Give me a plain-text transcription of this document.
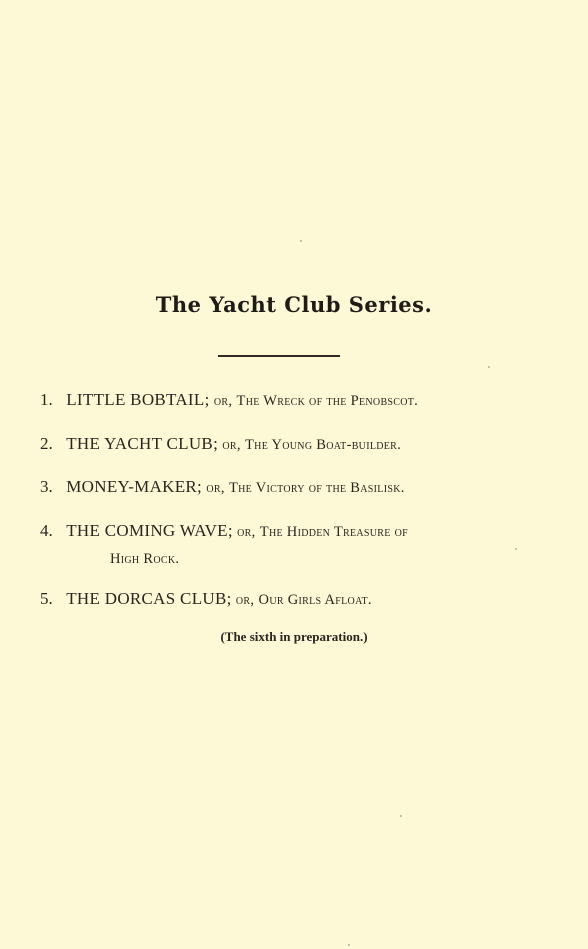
The Yacht Club Series.
1. LITTLE BOBTAIL; or, The Wreck of the Penobscot.
2. THE YACHT CLUB; or, The Young Boat-builder.
3. MONEY-MAKER; or, The Victory of the Basilisk.
4. THE COMING WAVE; or, The Hidden Treasure of
High Rock.
5. THE DORCAS CLUB; or, Our Girls Afloat.
(The sixth in preparation.)
